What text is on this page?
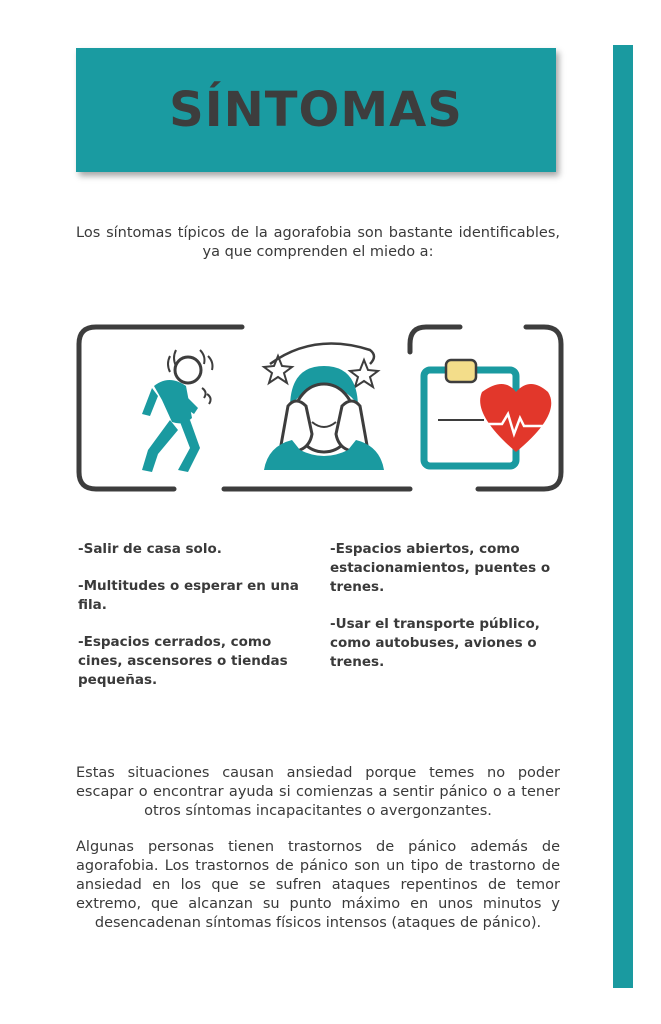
SÍNTOMAS
Los síntomas típicos de la agorafobia son bastante identificables, ya que comprenden el miedo a:

-Salir de casa solo.

-Multitudes o esperar en una fila.

-Espacios cerrados, como cines, ascensores o tiendas pequeñas.

-Espacios abiertos, como estacionamientos, puentes o trenes.

-Usar el transporte público, como autobuses, aviones o trenes.

Estas situaciones causan ansiedad porque temes no poder escapar o encontrar ayuda si comienzas a sentir pánico o a tener otros síntomas incapacitantes o avergonzantes.
Algunas personas tienen trastornos de pánico además de agorafobia. Los trastornos de pánico son un tipo de trastorno de ansiedad en los que se sufren ataques repentinos de temor extremo, que alcanzan su punto máximo en unos minutos y desencadenan síntomas físicos intensos (ataques de pánico).
